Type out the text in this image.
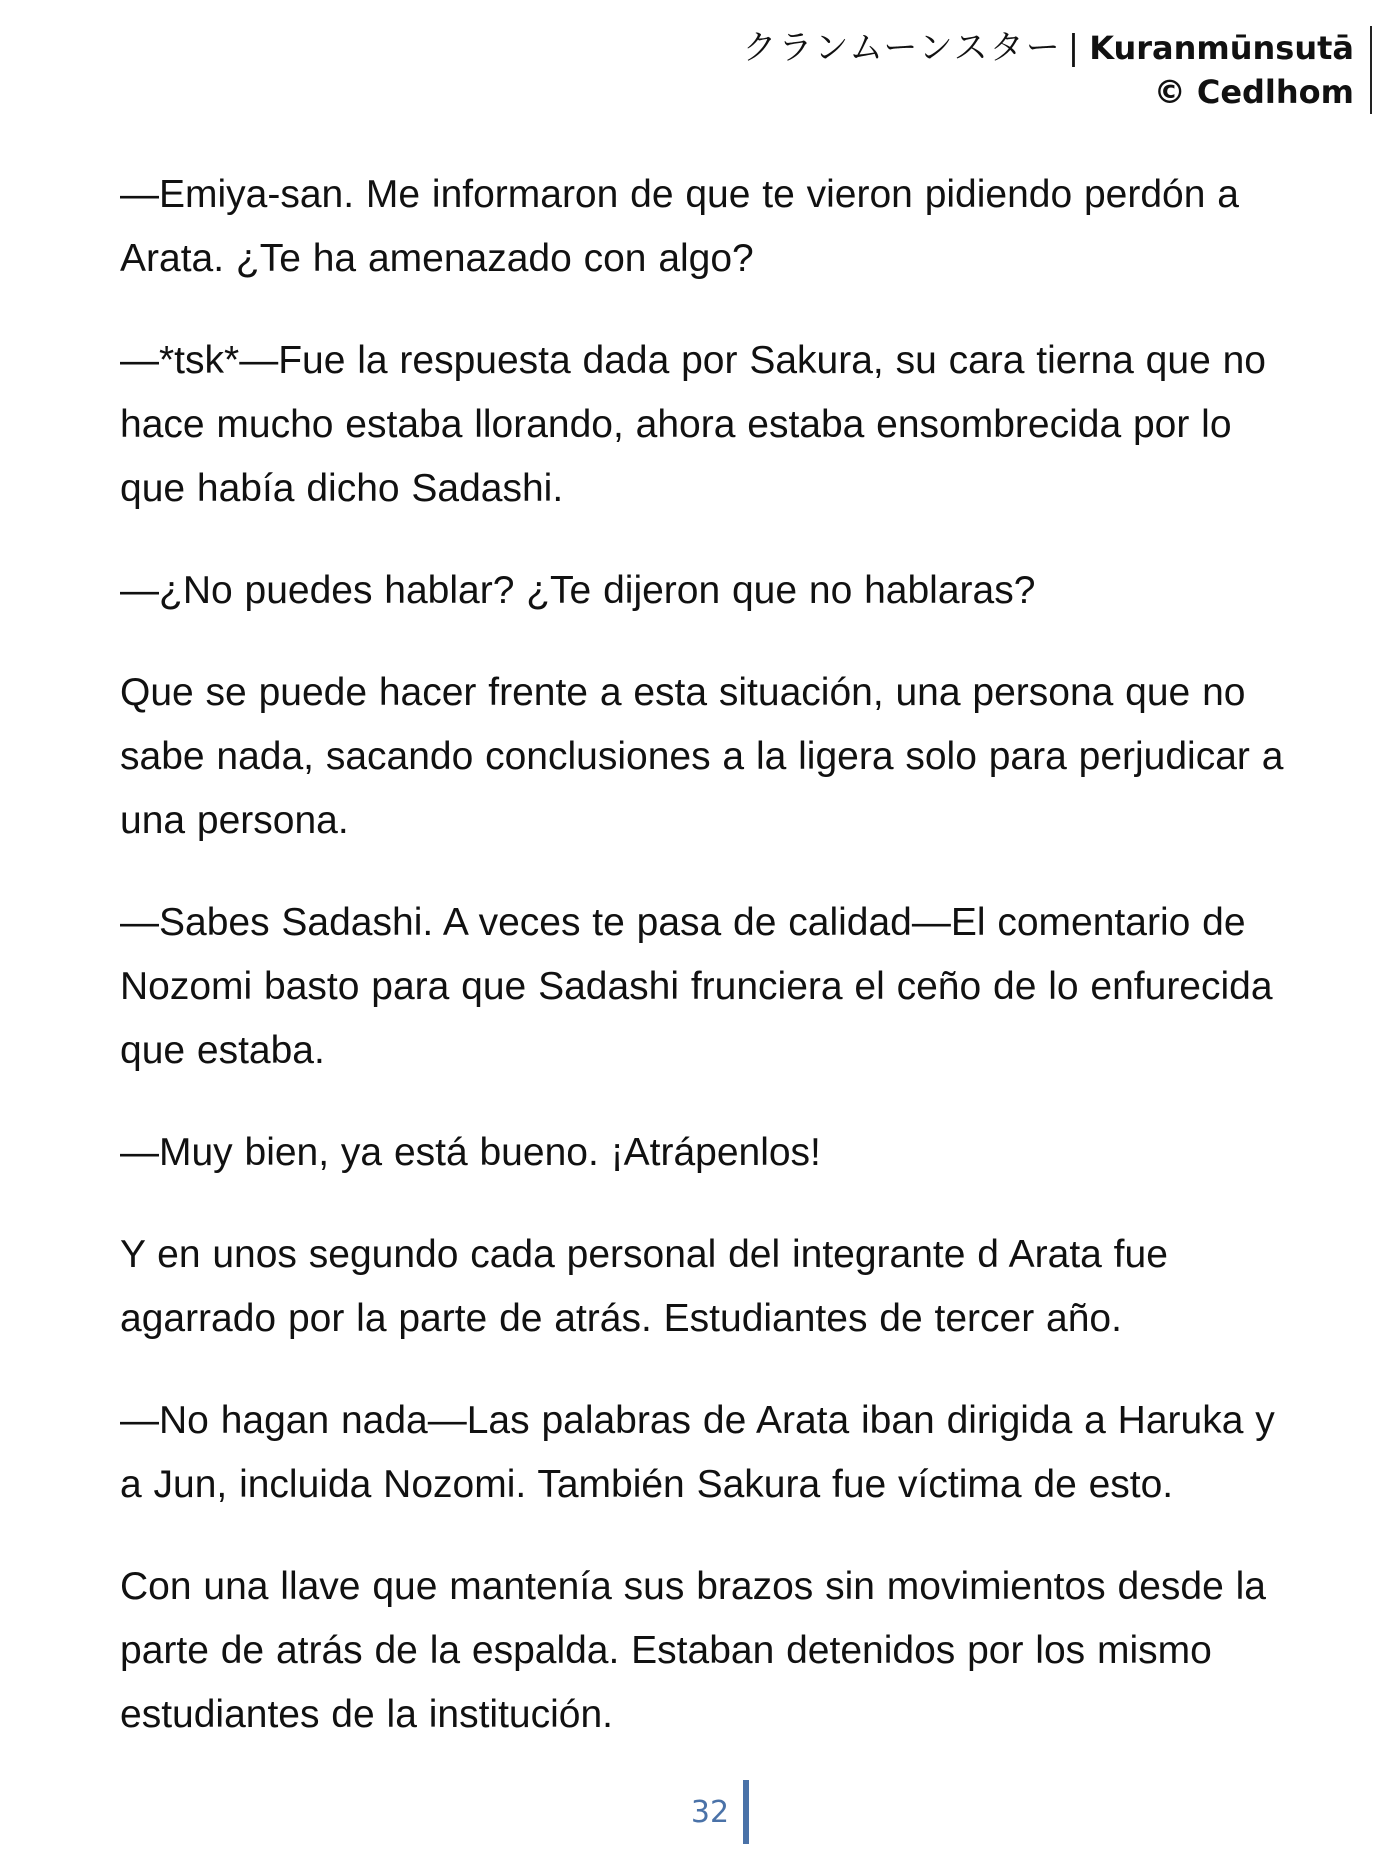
クランムーンスター | Kuranmūnsutā
© Cedlhom

—Emiya-san. Me informaron de que te vieron pidiendo perdón a Arata. ¿Te ha amenazado con algo?

—*tsk*—Fue la respuesta dada por Sakura, su cara tierna que no hace mucho estaba llorando, ahora estaba ensombrecida por lo que había dicho Sadashi.

—¿No puedes hablar? ¿Te dijeron que no hablaras?

Que se puede hacer frente a esta situación, una persona que no sabe nada, sacando conclusiones a la ligera solo para perjudicar a una persona.

—Sabes Sadashi. A veces te pasa de calidad—El comentario de Nozomi basto para que Sadashi frunciera el ceño de lo enfurecida que estaba.

—Muy bien, ya está bueno. ¡Atrápenlos!

Y en unos segundo cada personal del integrante d Arata fue agarrado por la parte de atrás. Estudiantes de tercer año.

—No hagan nada—Las palabras de Arata iban dirigida a Haruka y a Jun, incluida Nozomi. También Sakura fue víctima de esto.

Con una llave que mantenía sus brazos sin movimientos desde la parte de atrás de la espalda. Estaban detenidos por los mismo estudiantes de la institución.

32
